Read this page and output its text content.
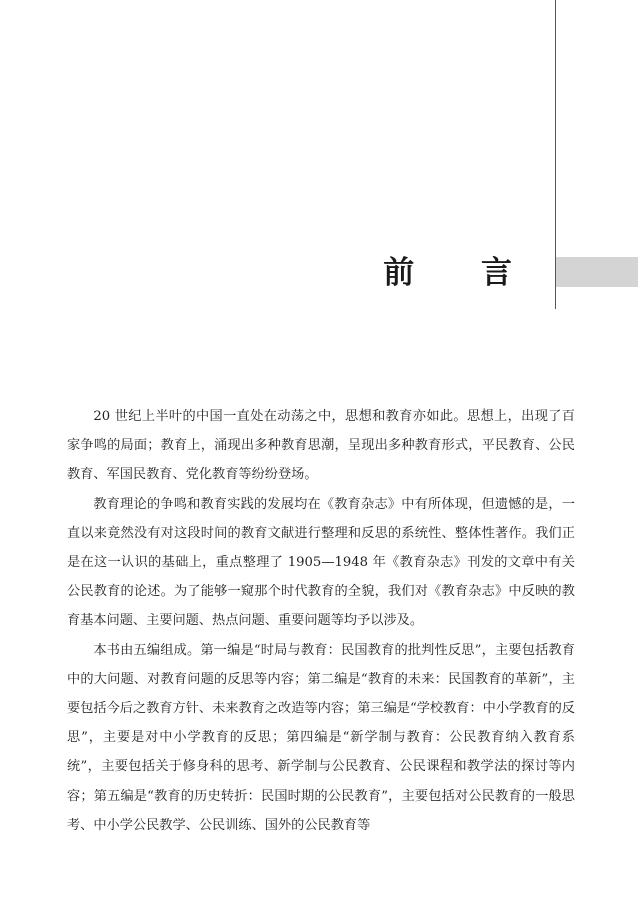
前 言

20 世纪上半叶的中国一直处在动荡之中，思想和教育亦如此。思想上，出现了百家争鸣的局面；教育上，涌现出多种教育思潮，呈现出多种教育形式，平民教育、公民教育、军国民教育、党化教育等纷纷登场。

教育理论的争鸣和教育实践的发展均在《教育杂志》中有所体现，但遗憾的是，一直以来竟然没有对这段时间的教育文献进行整理和反思的系统性、整体性著作。我们正是在这一认识的基础上，重点整理了 1905—1948 年《教育杂志》刊发的文章中有关公民教育的论述。为了能够一窥那个时代教育的全貌，我们对《教育杂志》中反映的教育基本问题、主要问题、热点问题、重要问题等均予以涉及。

本书由五编组成。第一编是“时局与教育：民国教育的批判性反思”，主要包括教育中的大问题、对教育问题的反思等内容；第二编是“教育的未来：民国教育的革新”，主要包括今后之教育方针、未来教育之改造等内容；第三编是“学校教育：中小学教育的反思”，主要是对中小学教育的反思；第四编是“新学制与教育：公民教育纳入教育系统”，主要包括关于修身科的思考、新学制与公民教育、公民课程和教学法的探讨等内容；第五编是“教育的历史转折：民国时期的公民教育”，主要包括对公民教育的一般思考、中小学公民教学、公民训练、国外的公民教育等
